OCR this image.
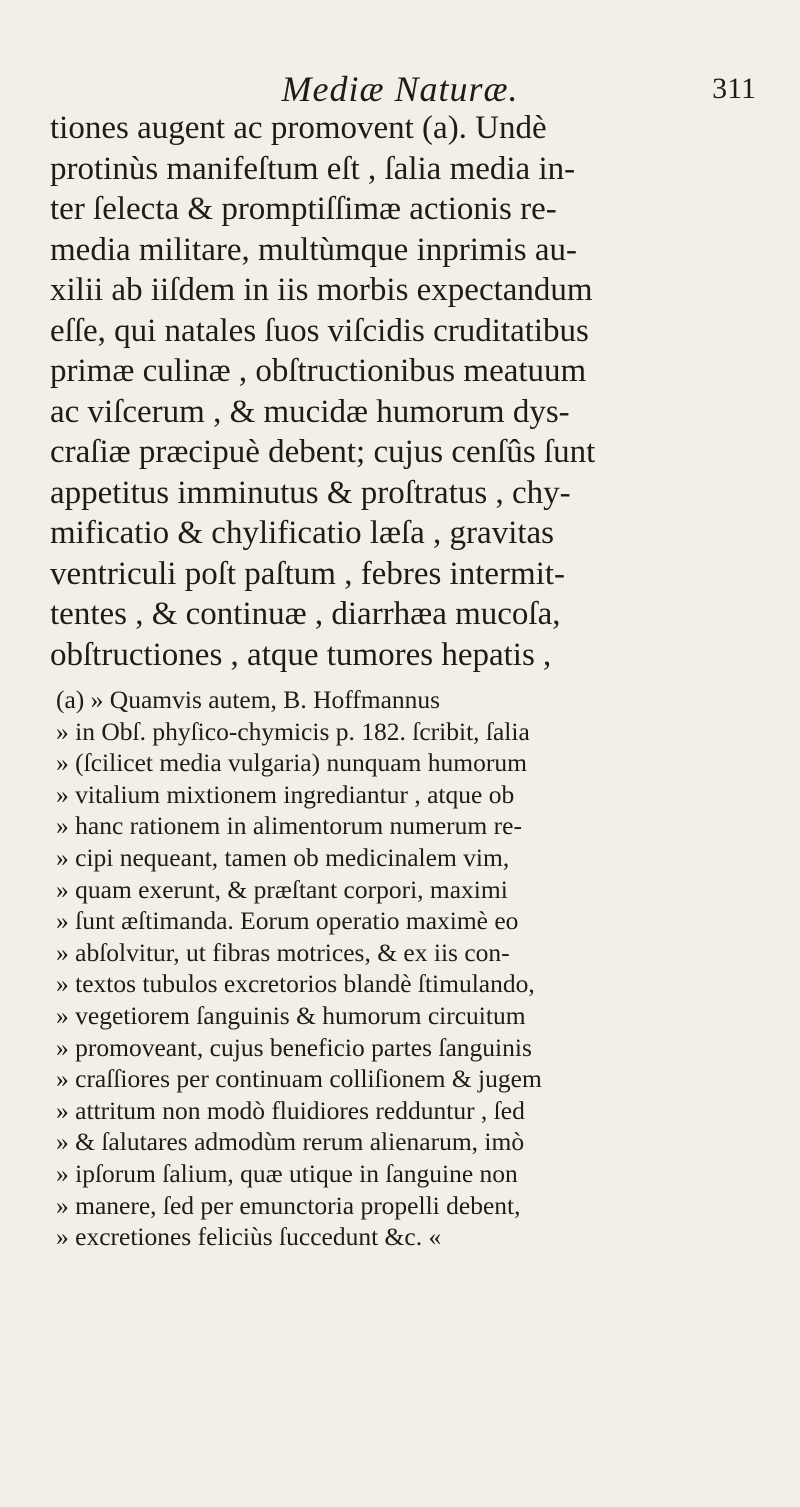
Mediæ Naturæ.	311
tiones augent ac promovent (a). Undè
protinùs manifeſtum eſt , ſalia media in-
ter ſelecta & promptiſſimæ actionis re-
media militare, multùmque inprimis au-
xilii ab iiſdem in iis morbis expectandum
eſſe, qui natales ſuos viſcidis cruditatibus
primæ culinæ , obſtructionibus meatuum
ac viſcerum , & mucidæ humorum dys-
craſiæ præcipuè debent; cujus cenſûs ſunt
appetitus imminutus & proſtratus , chy-
mificatio & chylificatio læſa , gravitas
ventriculi poſt paſtum , febres intermit-
tentes , & continuæ , diarrhæa mucoſa,
obſtructiones , atque tumores hepatis ,
(a) » Quamvis autem, B. Hoffmannus
» in Obſ. phyſico-chymicis p. 182. ſcribit, ſalia
» (ſcilicet media vulgaria) nunquam humorum
» vitalium mixtionem ingrediantur , atque ob
» hanc rationem in alimentorum numerum re-
» cipi nequeant, tamen ob medicinalem vim,
» quam exerunt, & præſtant corpori, maximi
» ſunt æſtimanda. Eorum operatio maximè eo
» abſolvitur, ut fibras motrices, & ex iis con-
» textos tubulos excretorios blandè ſtimulando,
» vegetiorem ſanguinis & humorum circuitum
» promoveant, cujus beneficio partes ſanguinis
» craſſiores per continuam colliſionem & jugem
» attritum non modò fluidiores redduntur , ſed
» & ſalutares admodùm rerum alienarum, imò
» ipſorum ſalium, quæ utique in ſanguine non
» manere, ſed per emunctoria propelli debent,
» excretiones feliciùs ſuccedunt &c. «
